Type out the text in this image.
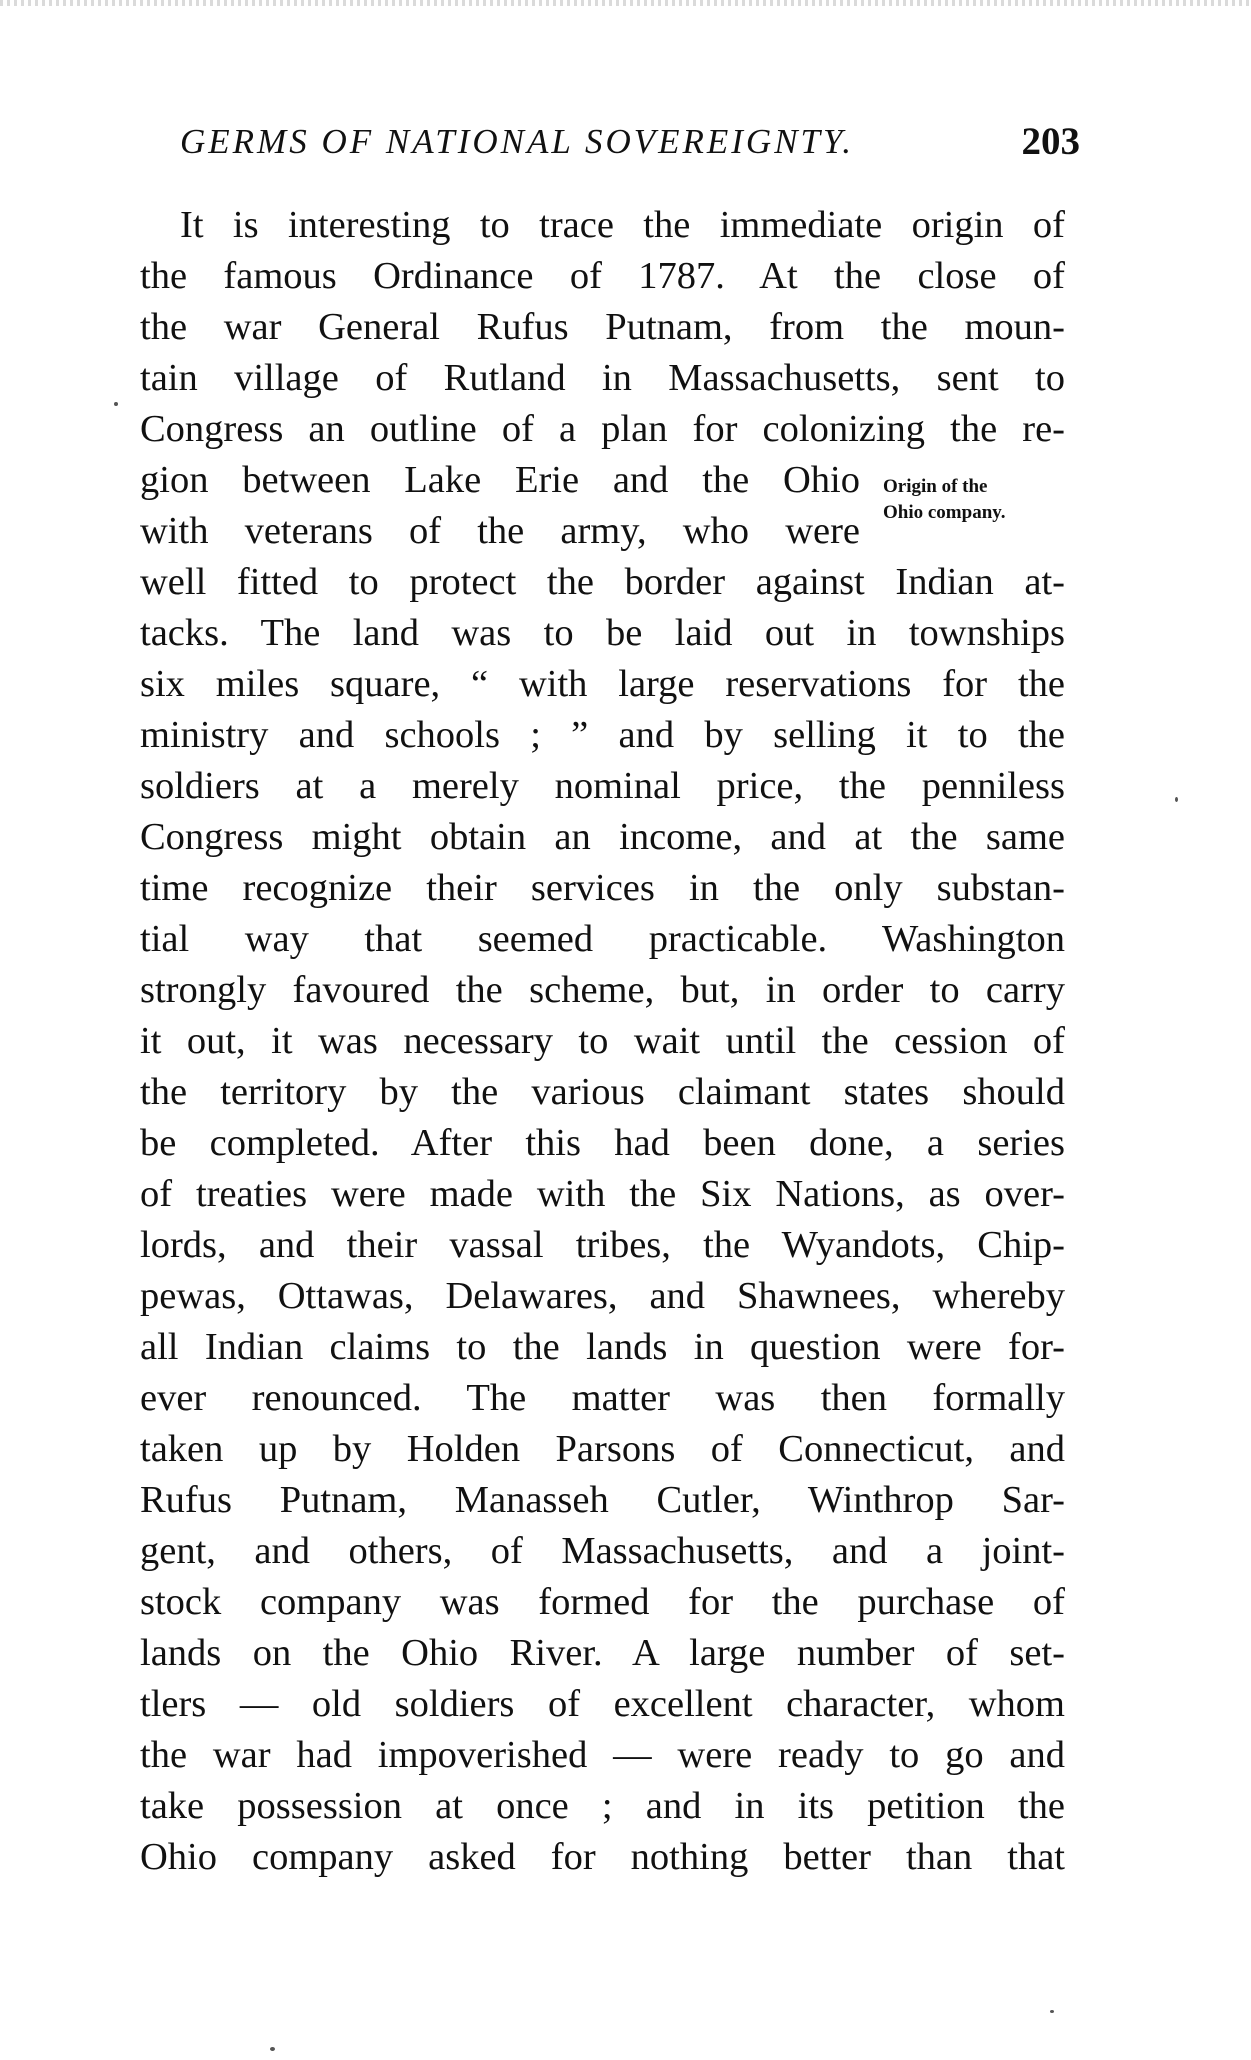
GERMS OF NATIONAL SOVEREIGNTY.	203
It is interesting to trace the immediate origin of
the famous Ordinance of 1787. At the close of
the war General Rufus Putnam, from the moun-
tain village of Rutland in Massachusetts, sent to
Congress an outline of a plan for colonizing the re-
gion between Lake Erie and the Ohio
with veterans of the army, who were
well fitted to protect the border against Indian at-
tacks. The land was to be laid out in townships
six miles square, “ with large reservations for the
ministry and schools ; ” and by selling it to the
soldiers at a merely nominal price, the penniless
Congress might obtain an income, and at the same
time recognize their services in the only substan-
tial way that seemed practicable. Washington
strongly favoured the scheme, but, in order to carry
it out, it was necessary to wait until the cession of
the territory by the various claimant states should
be completed. After this had been done, a series
of treaties were made with the Six Nations, as over-
lords, and their vassal tribes, the Wyandots, Chip-
pewas, Ottawas, Delawares, and Shawnees, whereby
all Indian claims to the lands in question were for-
ever renounced. The matter was then formally
taken up by Holden Parsons of Connecticut, and
Rufus Putnam, Manasseh Cutler, Winthrop Sar-
gent, and others, of Massachusetts, and a joint-
stock company was formed for the purchase of
lands on the Ohio River. A large number of set-
tlers — old soldiers of excellent character, whom
the war had impoverished — were ready to go and
take possession at once ; and in its petition the
Ohio company asked for nothing better than that
Origin of the
Ohio company.
